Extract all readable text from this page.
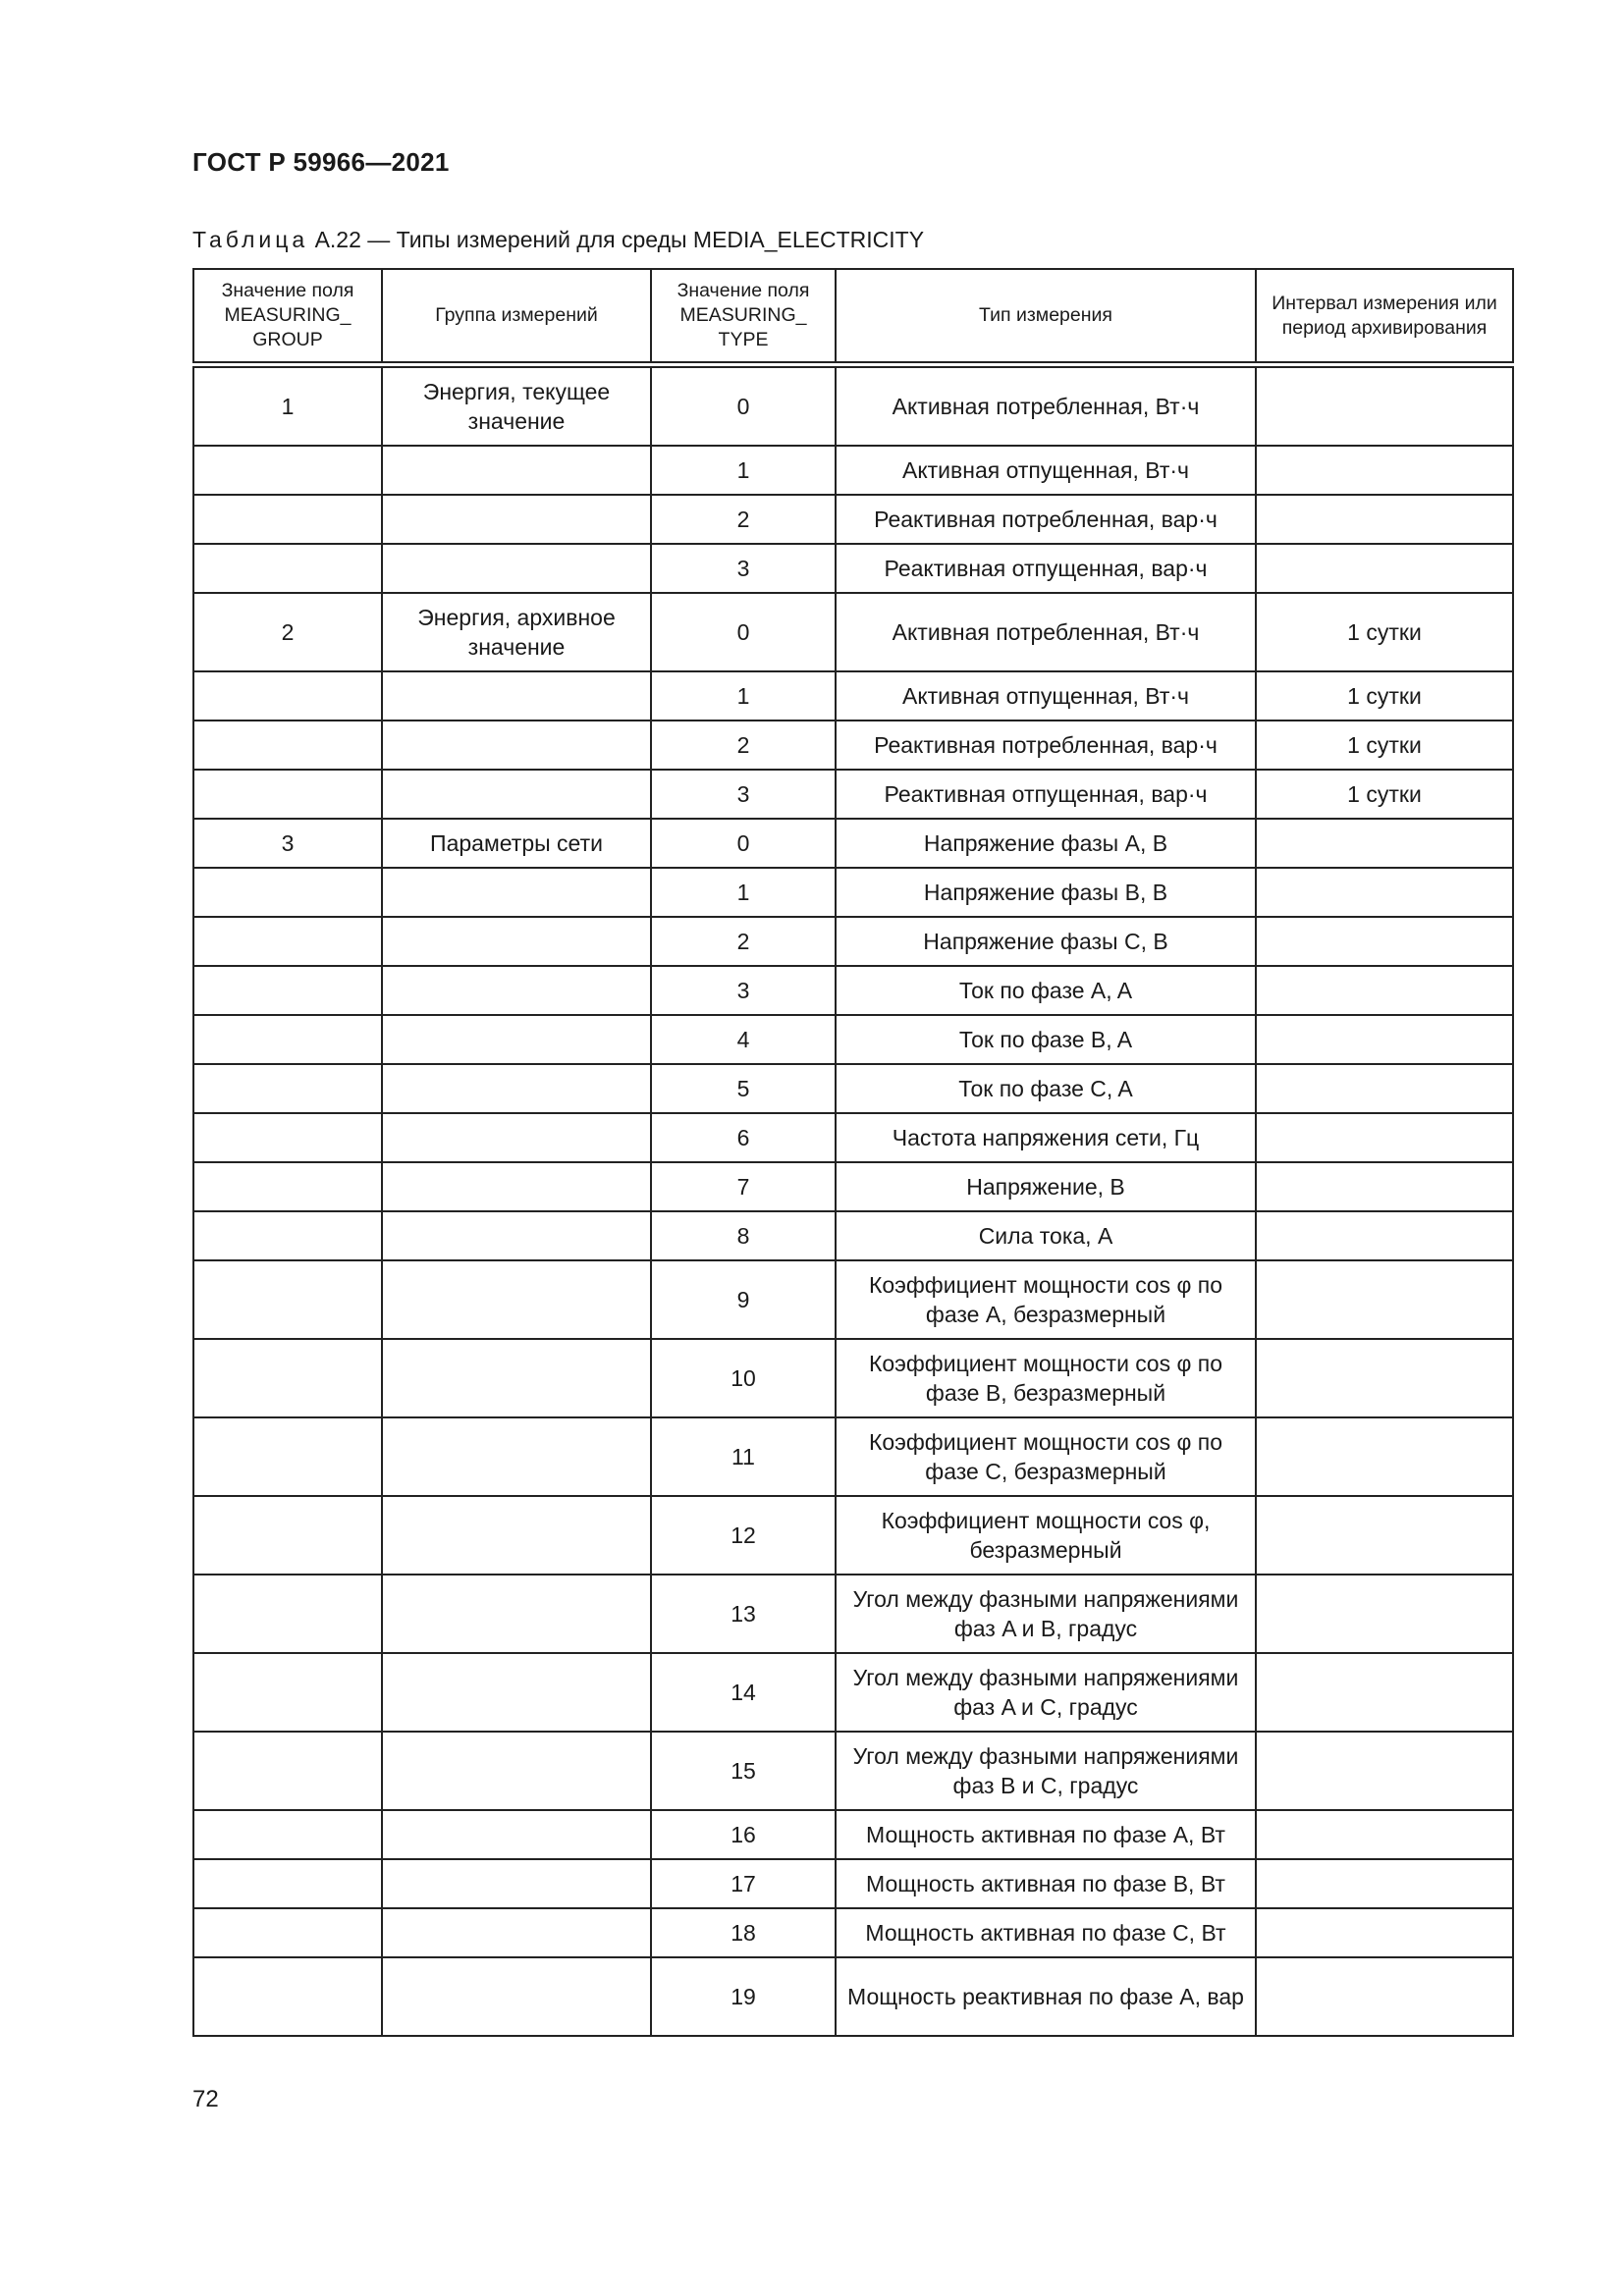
ГОСТ Р 59966—2021
Таблица А.22 — Типы измерений для среды MEDIA_ELECTRICITY
Значение поля MEASURING_ GROUP	Группа измерений	Значение поля MEASURING_ TYPE	Тип измерения	Интервал измерения или период архивирования
1	Энергия, текущее значение	0	Активная потребленная, Вт·ч	
		1	Активная отпущенная, Вт·ч	
		2	Реактивная потребленная, вар·ч	
		3	Реактивная отпущенная, вар·ч	
2	Энергия, архивное значение	0	Активная потребленная, Вт·ч	1 сутки
		1	Активная отпущенная, Вт·ч	1 сутки
		2	Реактивная потребленная, вар·ч	1 сутки
		3	Реактивная отпущенная, вар·ч	1 сутки
3	Параметры сети	0	Напряжение фазы A, B	
		1	Напряжение фазы B, B	
		2	Напряжение фазы C, B	
		3	Ток по фазе A, A	
		4	Ток по фазе B, A	
		5	Ток по фазе C, A	
		6	Частота напряжения сети, Гц	
		7	Напряжение, В	
		8	Сила тока, А	
		9	Коэффициент мощности cos φ по фазе A, безразмерный	
		10	Коэффициент мощности cos φ по фазе B, безразмерный	
		11	Коэффициент мощности cos φ по фазе C, безразмерный	
		12	Коэффициент мощности cos φ, безразмерный	
		13	Угол между фазными напряжениями фаз A и B, градус	
		14	Угол между фазными напряжениями фаз A и C, градус	
		15	Угол между фазными напряжениями фаз B и C, градус	
		16	Мощность активная по фазе A, Вт	
		17	Мощность активная по фазе B, Вт	
		18	Мощность активная по фазе C, Вт	
		19	Мощность реактивная по фазе A, вар	
72
